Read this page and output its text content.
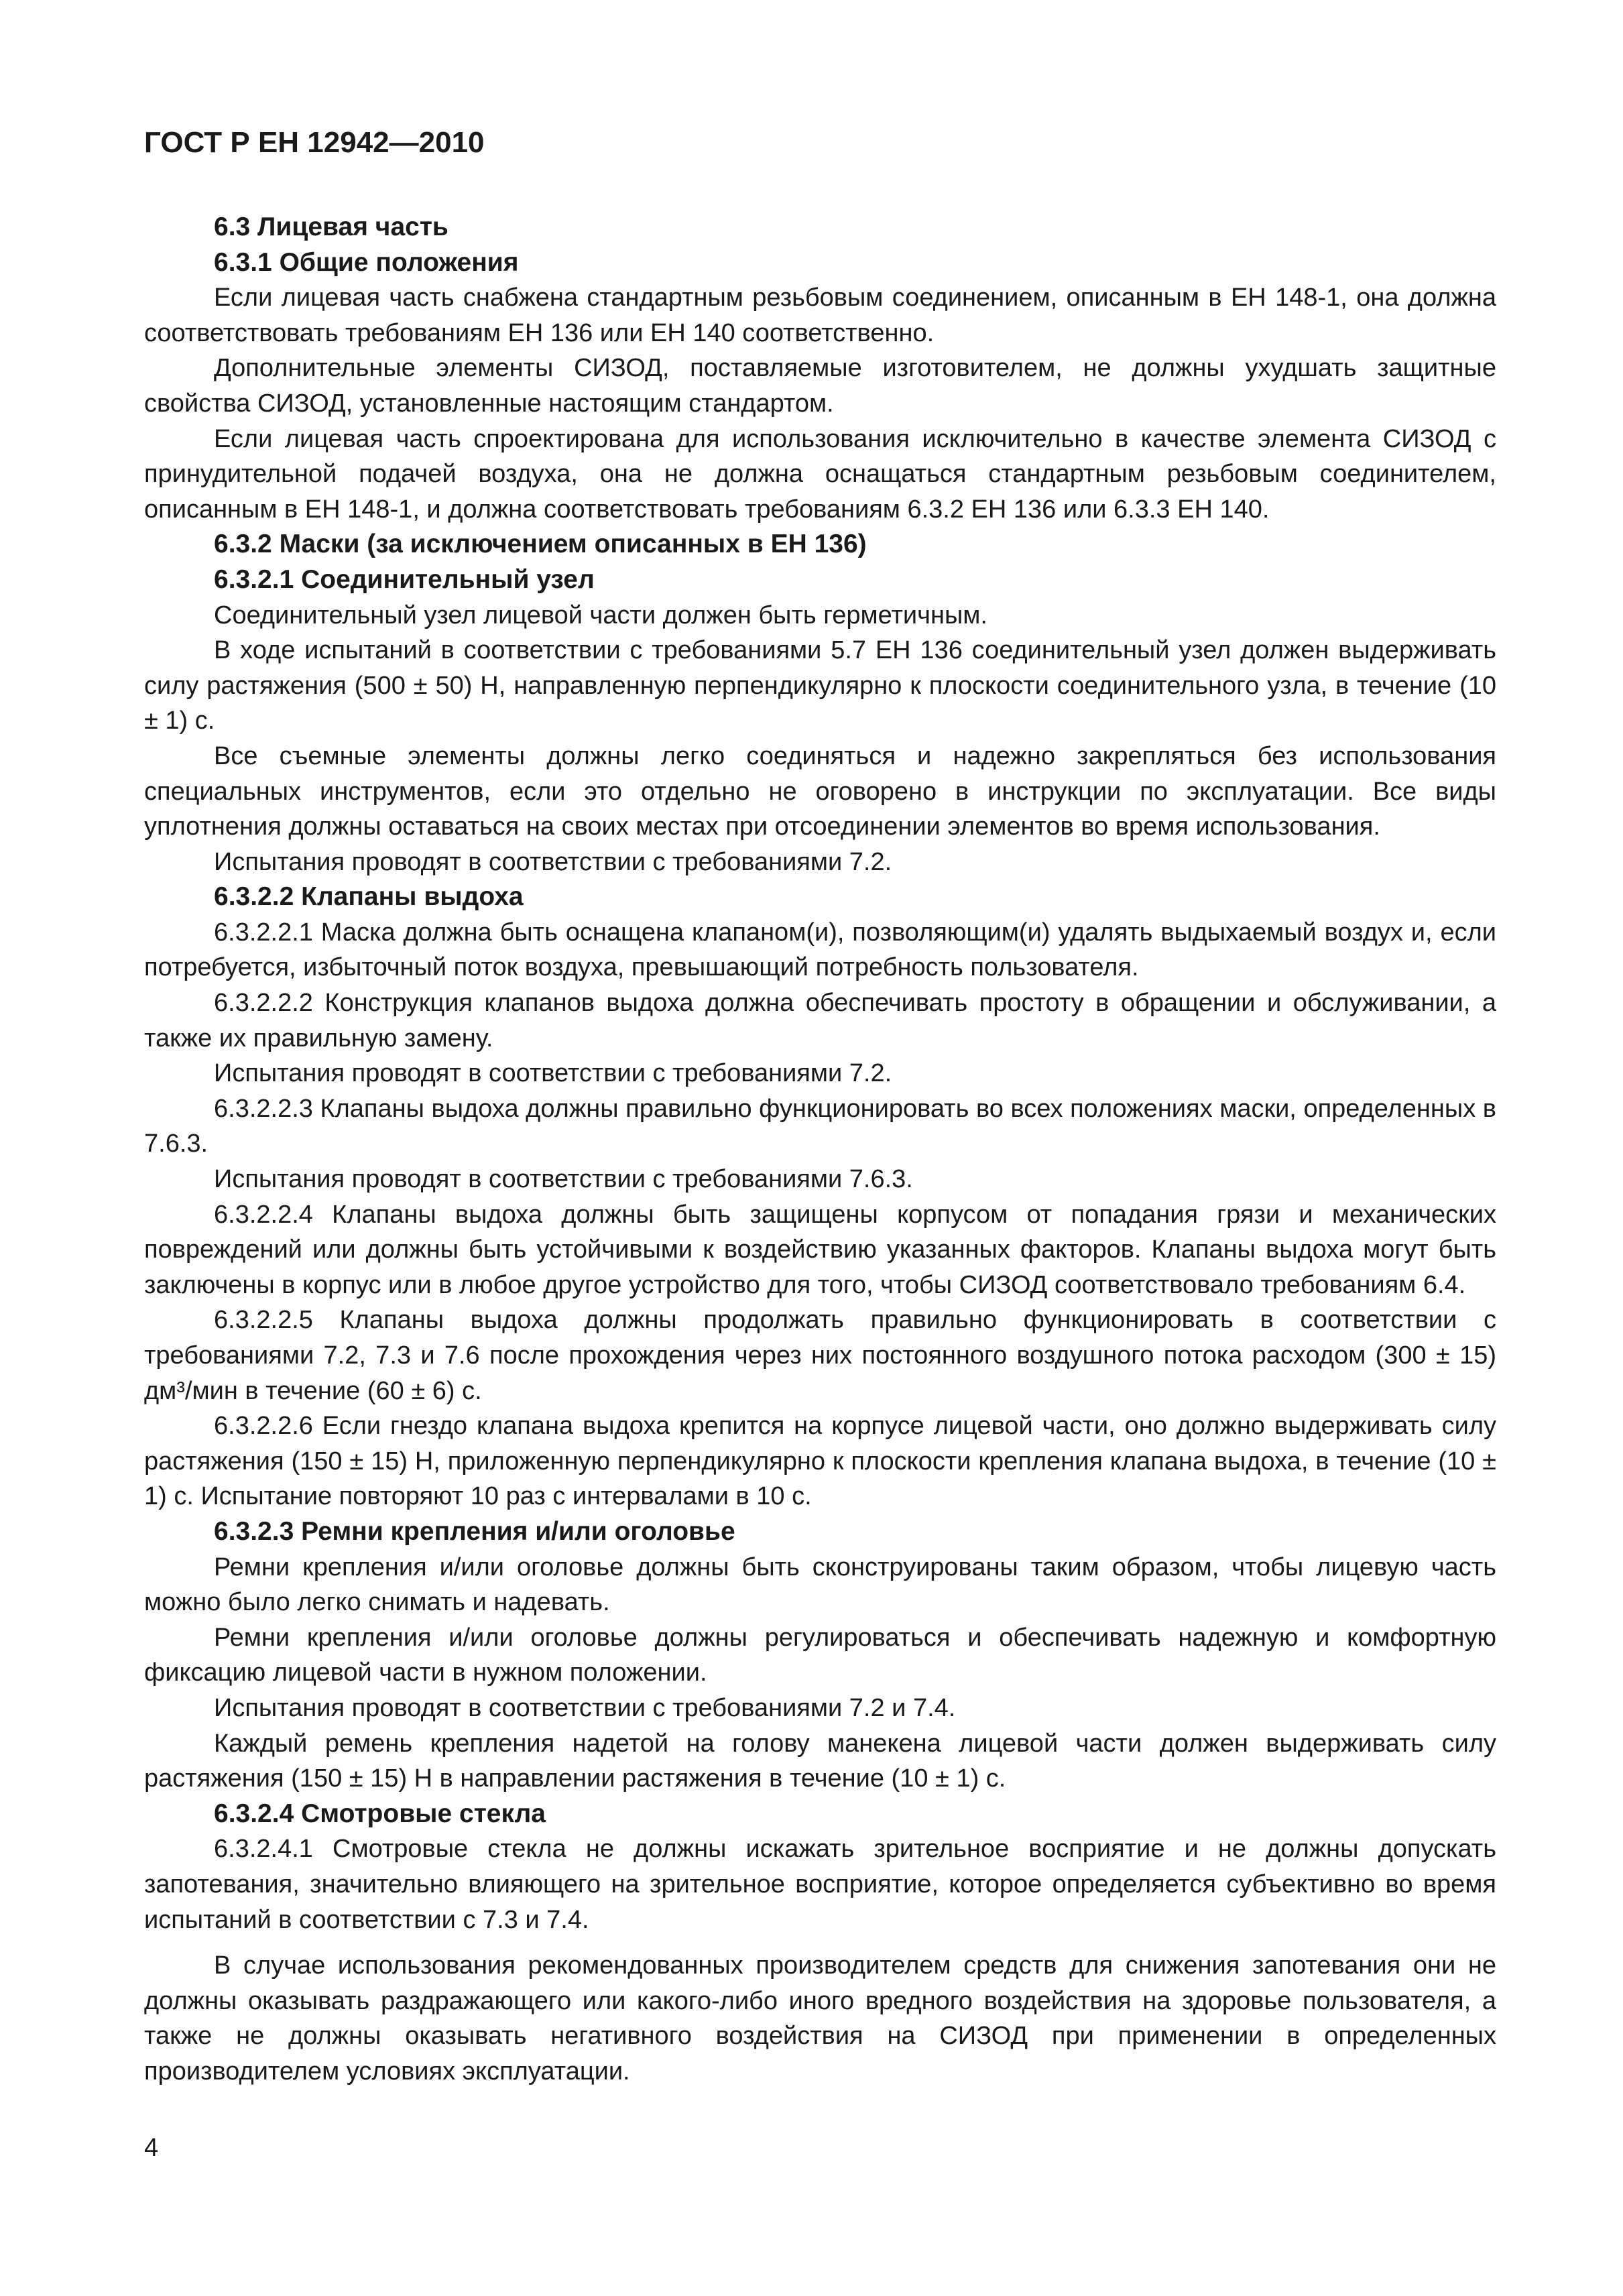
ГОСТ Р ЕН 12942—2010

6.3 Лицевая часть

6.3.1 Общие положения

Если лицевая часть снабжена стандартным резьбовым соединением, описанным в ЕН 148-1, она должна соответствовать требованиям ЕН 136 или ЕН 140 соответственно.

Дополнительные элементы СИЗОД, поставляемые изготовителем, не должны ухудшать защитные свойства СИЗОД, установленные настоящим стандартом.

Если лицевая часть спроектирована для использования исключительно в качестве элемента СИЗОД с принудительной подачей воздуха, она не должна оснащаться стандартным резьбовым соединителем, описанным в ЕН 148-1, и должна соответствовать требованиям 6.3.2 ЕН 136 или 6.3.3 ЕН 140.

6.3.2 Маски (за исключением описанных в ЕН 136)

6.3.2.1 Соединительный узел

Соединительный узел лицевой части должен быть герметичным.

В ходе испытаний в соответствии с требованиями 5.7 ЕН 136 соединительный узел должен выдерживать силу растяжения (500 ± 50) Н, направленную перпендикулярно к плоскости соединительного узла, в течение (10 ± 1) с.

Все съемные элементы должны легко соединяться и надежно закрепляться без использования специальных инструментов, если это отдельно не оговорено в инструкции по эксплуатации. Все виды уплотнения должны оставаться на своих местах при отсоединении элементов во время использования.

Испытания проводят в соответствии с требованиями 7.2.

6.3.2.2 Клапаны выдоха

6.3.2.2.1 Маска должна быть оснащена клапаном(и), позволяющим(и) удалять выдыхаемый воздух и, если потребуется, избыточный поток воздуха, превышающий потребность пользователя.

6.3.2.2.2 Конструкция клапанов выдоха должна обеспечивать простоту в обращении и обслуживании, а также их правильную замену.

Испытания проводят в соответствии с требованиями 7.2.

6.3.2.2.3 Клапаны выдоха должны правильно функционировать во всех положениях маски, определенных в 7.6.3.

Испытания проводят в соответствии с требованиями 7.6.3.

6.3.2.2.4 Клапаны выдоха должны быть защищены корпусом от попадания грязи и механических повреждений или должны быть устойчивыми к воздействию указанных факторов. Клапаны выдоха могут быть заключены в корпус или в любое другое устройство для того, чтобы СИЗОД соответствовало требованиям 6.4.

6.3.2.2.5 Клапаны выдоха должны продолжать правильно функционировать в соответствии с требованиями 7.2, 7.3 и 7.6 после прохождения через них постоянного воздушного потока расходом (300 ± 15) дм³/мин в течение (60 ± 6) с.

6.3.2.2.6 Если гнездо клапана выдоха крепится на корпусе лицевой части, оно должно выдерживать силу растяжения (150 ± 15) Н, приложенную перпендикулярно к плоскости крепления клапана выдоха, в течение (10 ± 1) с. Испытание повторяют 10 раз с интервалами в 10 с.

6.3.2.3 Ремни крепления и/или оголовье

Ремни крепления и/или оголовье должны быть сконструированы таким образом, чтобы лицевую часть можно было легко снимать и надевать.

Ремни крепления и/или оголовье должны регулироваться и обеспечивать надежную и комфортную фиксацию лицевой части в нужном положении.

Испытания проводят в соответствии с требованиями 7.2 и 7.4.

Каждый ремень крепления надетой на голову манекена лицевой части должен выдерживать силу растяжения (150 ± 15) Н в направлении растяжения в течение (10 ± 1) с.

6.3.2.4 Смотровые стекла

6.3.2.4.1 Смотровые стекла не должны искажать зрительное восприятие и не должны допускать запотевания, значительно влияющего на зрительное восприятие, которое определяется субъективно во время испытаний в соответствии с 7.3 и 7.4.

В случае использования рекомендованных производителем средств для снижения запотевания они не должны оказывать раздражающего или какого-либо иного вредного воздействия на здоровье пользователя, а также не должны оказывать негативного воздействия на СИЗОД при применении в определенных производителем условиях эксплуатации.

4
